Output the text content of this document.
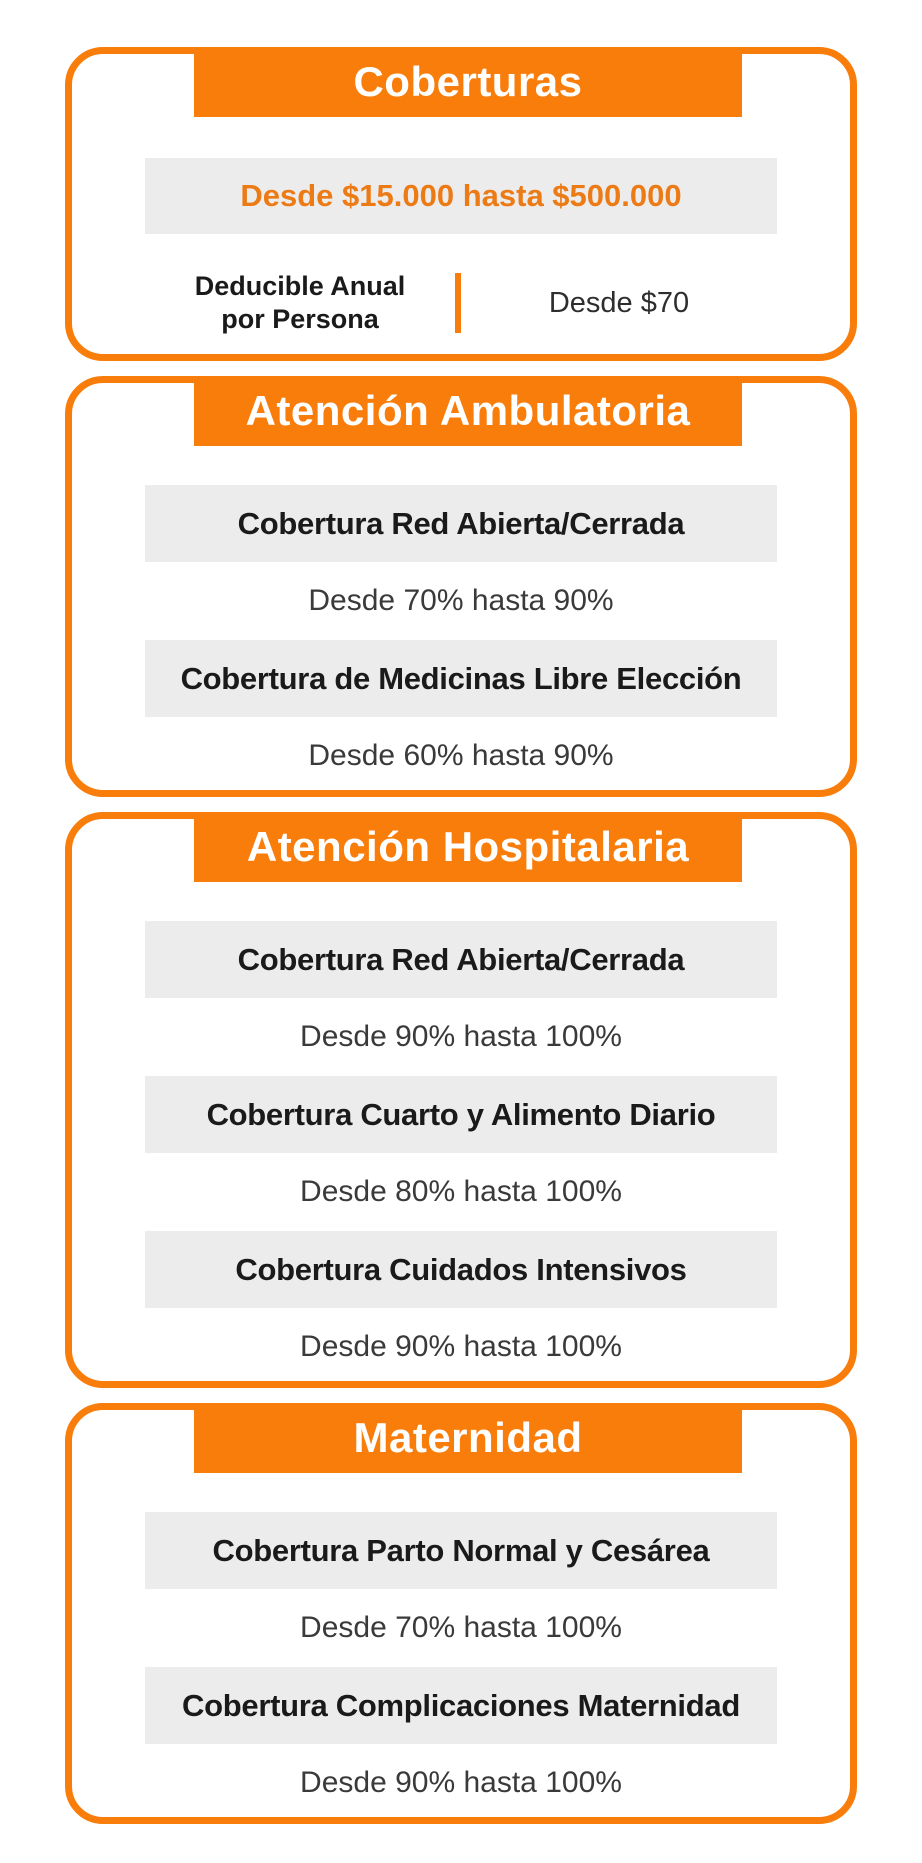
Coberturas
Desde $15.000 hasta $500.000
Deducible Anual
por Persona
Desde $70
Atención Ambulatoria
Cobertura Red Abierta/Cerrada
Desde 70% hasta 90%
Cobertura de Medicinas Libre Elección
Desde 60% hasta 90%
Atención Hospitalaria
Cobertura Red Abierta/Cerrada
Desde 90% hasta 100%
Cobertura Cuarto y Alimento Diario
Desde 80% hasta 100%
Cobertura Cuidados Intensivos
Desde 90% hasta 100%
Maternidad
Cobertura Parto Normal y Cesárea
Desde 70% hasta 100%
Cobertura Complicaciones Maternidad
Desde 90% hasta 100%
